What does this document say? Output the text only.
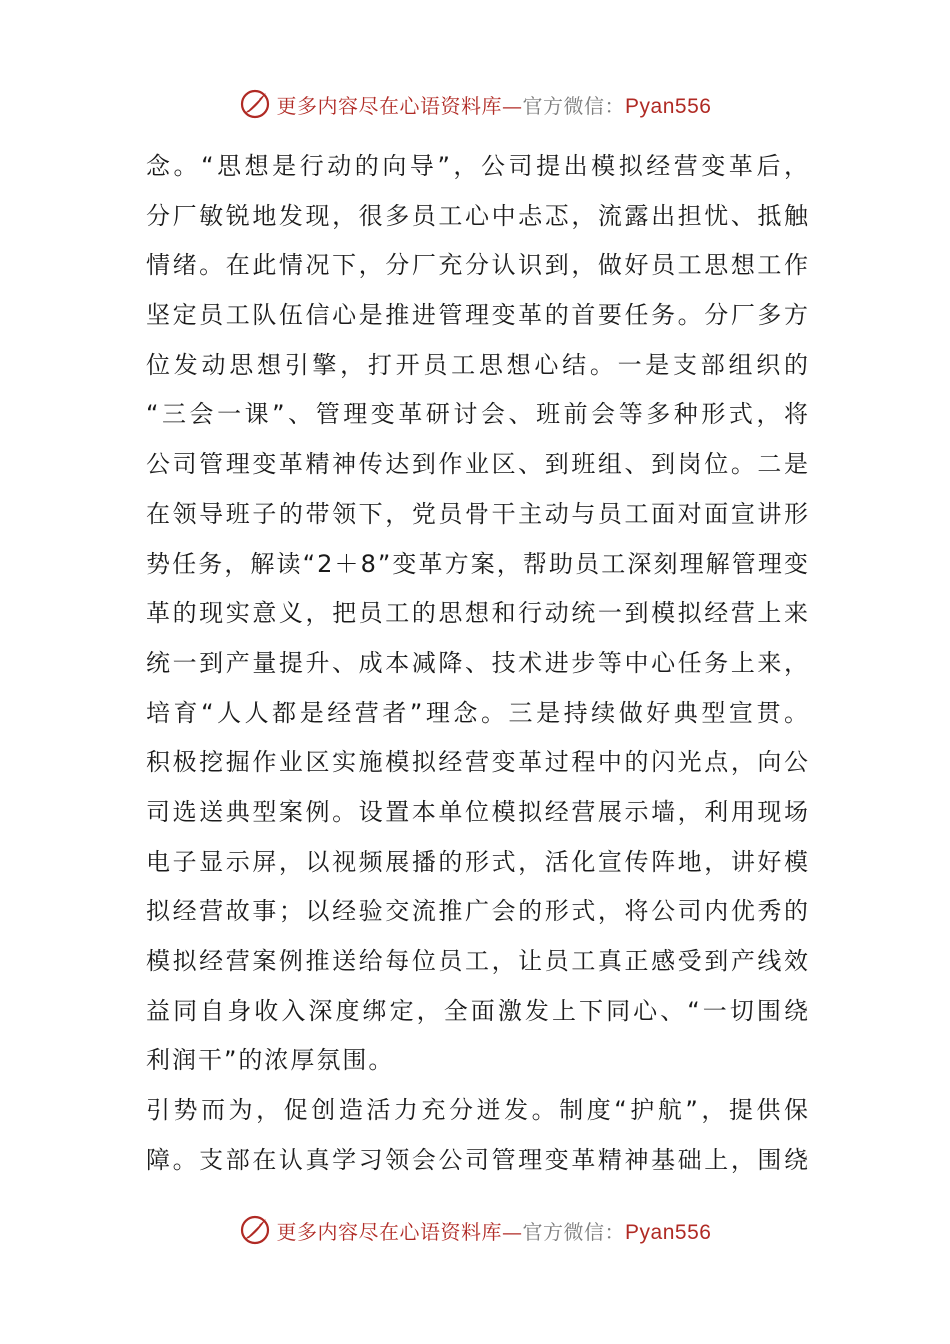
更多内容尽在心语资料库—官方微信：Pyan556
念。“思想是行动的向导”，公司提出模拟经营变革后，
分厂敏锐地发现，很多员工心中忐忑，流露出担忧、抵触
情绪。在此情况下，分厂充分认识到，做好员工思想工作
坚定员工队伍信心是推进管理变革的首要任务。分厂多方
位发动思想引擎，打开员工思想心结。一是支部组织的
“三会一课”、管理变革研讨会、班前会等多种形式，将
公司管理变革精神传达到作业区、到班组、到岗位。二是
在领导班子的带领下，党员骨干主动与员工面对面宣讲形
势任务，解读“2＋8”变革方案，帮助员工深刻理解管理变
革的现实意义，把员工的思想和行动统一到模拟经营上来
统一到产量提升、成本减降、技术进步等中心任务上来，
培育“人人都是经营者”理念。三是持续做好典型宣贯。
积极挖掘作业区实施模拟经营变革过程中的闪光点，向公
司选送典型案例。设置本单位模拟经营展示墙，利用现场
电子显示屏，以视频展播的形式，活化宣传阵地，讲好模
拟经营故事；以经验交流推广会的形式，将公司内优秀的
模拟经营案例推送给每位员工，让员工真正感受到产线效
益同自身收入深度绑定，全面激发上下同心、“一切围绕
利润干”的浓厚氛围。
引势而为，促创造活力充分迸发。制度“护航”，提供保
障。支部在认真学习领会公司管理变革精神基础上，围绕
更多内容尽在心语资料库—官方微信：Pyan556
